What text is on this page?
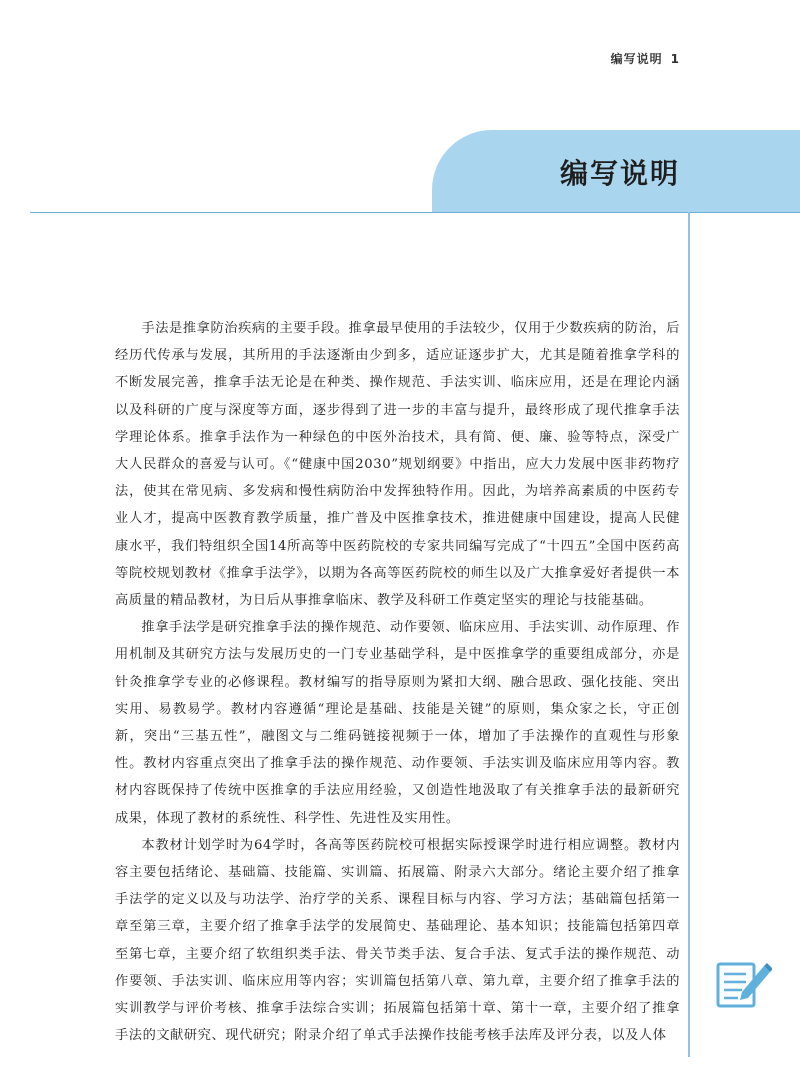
编写说明 1
编写说明

手法是推拿防治疾病的主要手段。推拿最早使用的手法较少，仅用于少数疾病的防治，后经历代传承与发展，其所用的手法逐渐由少到多，适应证逐步扩大，尤其是随着推拿学科的不断发展完善，推拿手法无论是在种类、操作规范、手法实训、临床应用，还是在理论内涵以及科研的广度与深度等方面，逐步得到了进一步的丰富与提升，最终形成了现代推拿手法学理论体系。推拿手法作为一种绿色的中医外治技术，具有简、便、廉、验等特点，深受广大人民群众的喜爱与认可。《“健康中国2030”规划纲要》中指出，应大力发展中医非药物疗法，使其在常见病、多发病和慢性病防治中发挥独特作用。因此，为培养高素质的中医药专业人才，提高中医教育教学质量，推广普及中医推拿技术，推进健康中国建设，提高人民健康水平，我们特组织全国14所高等中医药院校的专家共同编写完成了“十四五”全国中医药高等院校规划教材《推拿手法学》，以期为各高等医药院校的师生以及广大推拿爱好者提供一本高质量的精品教材，为日后从事推拿临床、教学及科研工作奠定坚实的理论与技能基础。

推拿手法学是研究推拿手法的操作规范、动作要领、临床应用、手法实训、动作原理、作用机制及其研究方法与发展历史的一门专业基础学科，是中医推拿学的重要组成部分，亦是针灸推拿学专业的必修课程。教材编写的指导原则为紧扣大纲、融合思政、强化技能、突出实用、易教易学。教材内容遵循“理论是基础、技能是关键”的原则，集众家之长，守正创新，突出“三基五性”，融图文与二维码链接视频于一体，增加了手法操作的直观性与形象性。教材内容重点突出了推拿手法的操作规范、动作要领、手法实训及临床应用等内容。教材内容既保持了传统中医推拿的手法应用经验，又创造性地汲取了有关推拿手法的最新研究成果，体现了教材的系统性、科学性、先进性及实用性。

本教材计划学时为64学时，各高等医药院校可根据实际授课学时进行相应调整。教材内容主要包括绪论、基础篇、技能篇、实训篇、拓展篇、附录六大部分。绪论主要介绍了推拿手法学的定义以及与功法学、治疗学的关系、课程目标与内容、学习方法；基础篇包括第一章至第三章，主要介绍了推拿手法学的发展简史、基础理论、基本知识；技能篇包括第四章至第七章，主要介绍了软组织类手法、骨关节类手法、复合手法、复式手法的操作规范、动作要领、手法实训、临床应用等内容；实训篇包括第八章、第九章，主要介绍了推拿手法的实训教学与评价考核、推拿手法综合实训；拓展篇包括第十章、第十一章，主要介绍了推拿手法的文献研究、现代研究；附录介绍了单式手法操作技能考核手法库及评分表，以及人体
